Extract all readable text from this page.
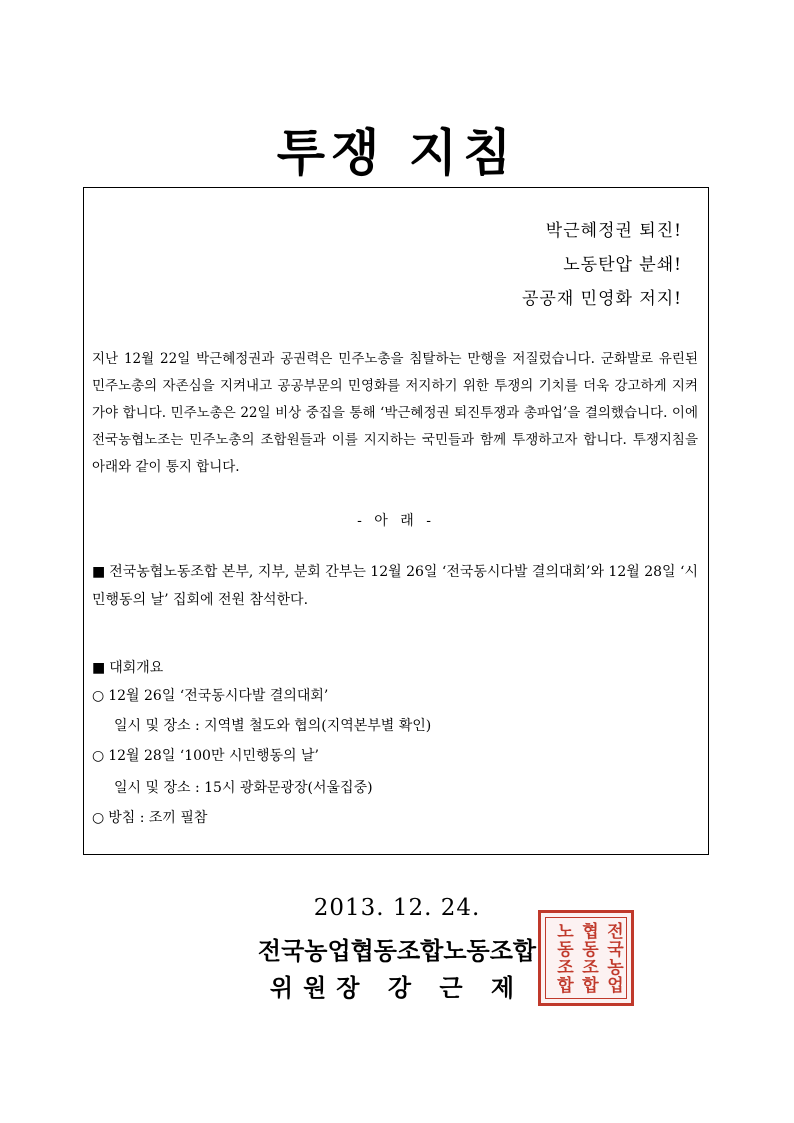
투쟁 지침
박근혜정권 퇴진!
노동탄압 분쇄!
공공재 민영화 저지!
지난 12월 22일 박근혜정권과 공권력은 민주노총을 침탈하는 만행을 저질렀습니다. 군화발로 유린된 민주노총의 자존심을 지켜내고 공공부문의 민영화를 저지하기 위한 투쟁의 기치를 더욱 강고하게 지켜가야 합니다. 민주노총은 22일 비상 중집을 통해 ‘박근혜정권 퇴진투쟁과 총파업’을 결의했습니다. 이에 전국농협노조는 민주노총의 조합원들과 이를 지지하는 국민들과 함께 투쟁하고자 합니다. 투쟁지침을 아래와 같이 통지 합니다.
- 아 래 -
■ 전국농협노동조합 본부, 지부, 분회 간부는 12월 26일 ‘전국동시다발 결의대회’와 12월 28일 ‘시민행동의 날’ 집회에 전원 참석한다.
■ 대회개요
○ 12월 26일 ‘전국동시다발 결의대회’
일시 및 장소 : 지역별 철도와 협의(지역본부별 확인)
○ 12월 28일 ‘100만 시민행동의 날’
일시 및 장소 : 15시 광화문광장(서울집중)
○ 방침 : 조끼 필참
2013. 12. 24.
전국농업협동조합노동조합
위원장 강 근 제	전국농업협동조합노동조합
